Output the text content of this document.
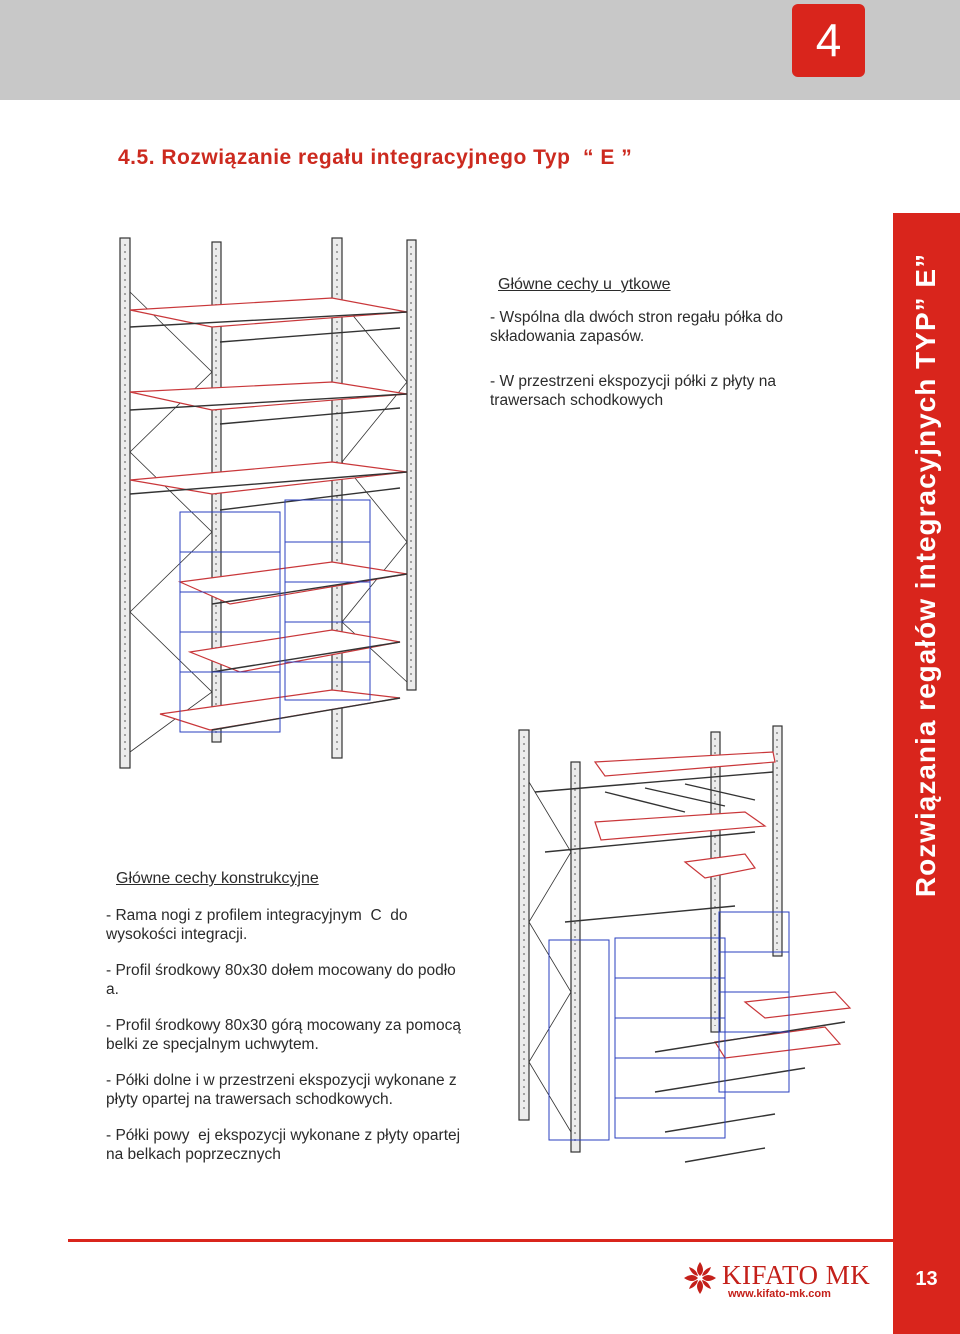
4
4.5. Rozwiązanie regału integracyjnego Typ  “ E ”
Główne cechy u  ytkowe
- Wspólna dla dwóch stron regału półka do składowania zapasów.
- W przestrzeni ekspozycji półki z płyty na trawersach schodkowych
Główne cechy konstrukcyjne
- Rama nogi z profilem integracyjnym  C  do wysokości integracji.
- Profil środkowy 80x30 dołem mocowany do podło  a.
- Profil środkowy 80x30 górą mocowany za pomocą belki ze specjalnym uchwytem.
- Półki dolne i w przestrzeni ekspozycji wykonane z płyty opartej na trawersach schodkowych.
- Półki powy  ej ekspozycji wykonane z płyty opartej na belkach poprzecznych
Rozwiązania regałów integracyjnych TYP” E”
13
KIFATO MK
www.kifato-mk.com
